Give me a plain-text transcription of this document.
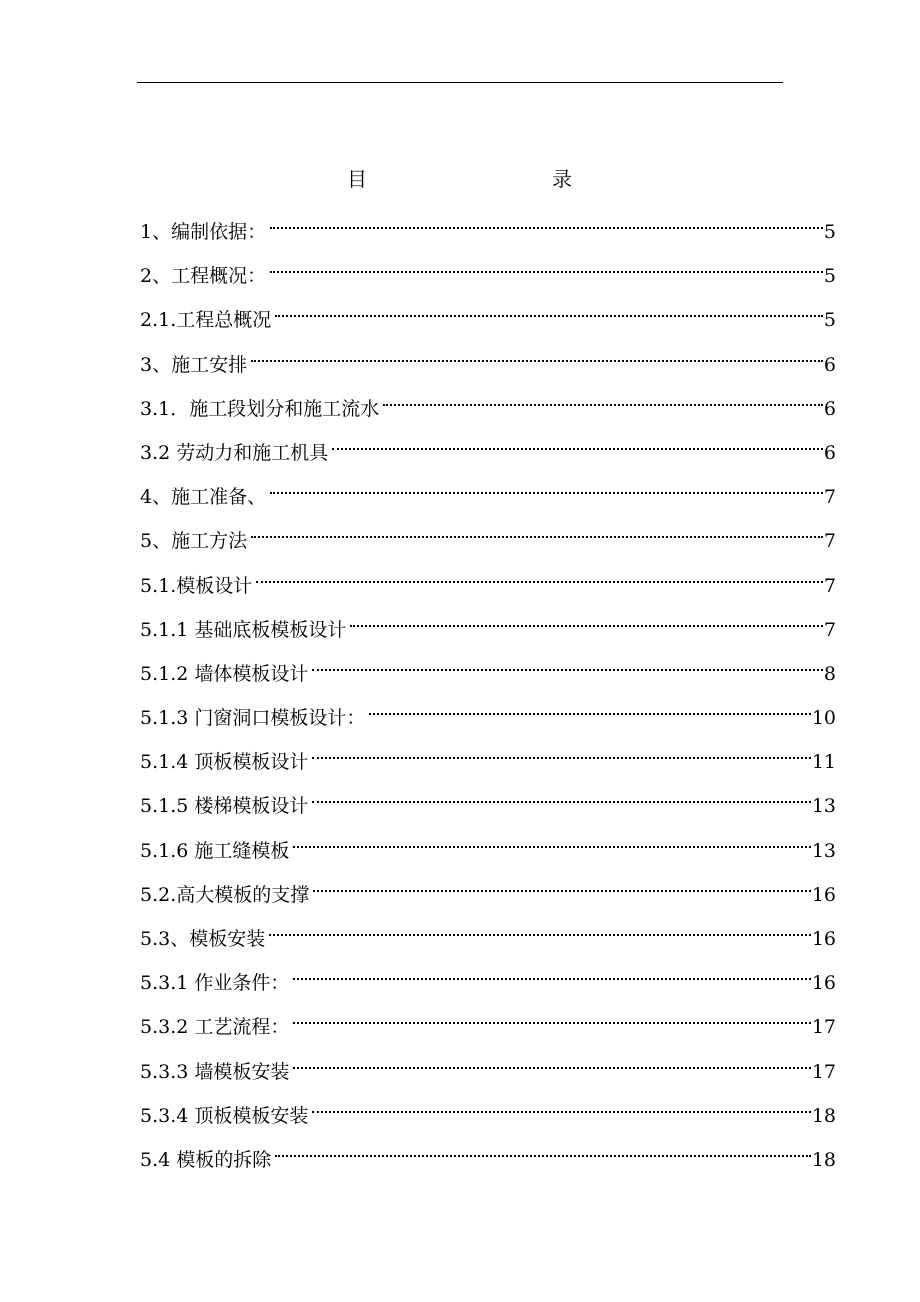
目	录
1、编制依据：	5
2、工程概况：	5
2.1.工程总概况	5
3、施工安排	6
3.1．施工段划分和施工流水	6
3.2 劳动力和施工机具	6
4、施工准备、	7
5、施工方法	7
5.1.模板设计	7
5.1.1 基础底板模板设计	7
5.1.2 墙体模板设计	8
5.1.3 门窗洞口模板设计：	10
5.1.4 顶板模板设计	11
5.1.5 楼梯模板设计	13
5.1.6 施工缝模板	13
5.2.高大模板的支撑	16
5.3、模板安装	16
5.3.1 作业条件：	16
5.3.2 工艺流程：	17
5.3.3 墙模板安装	17
5.3.4 顶板模板安装	18
5.4 模板的拆除	18
